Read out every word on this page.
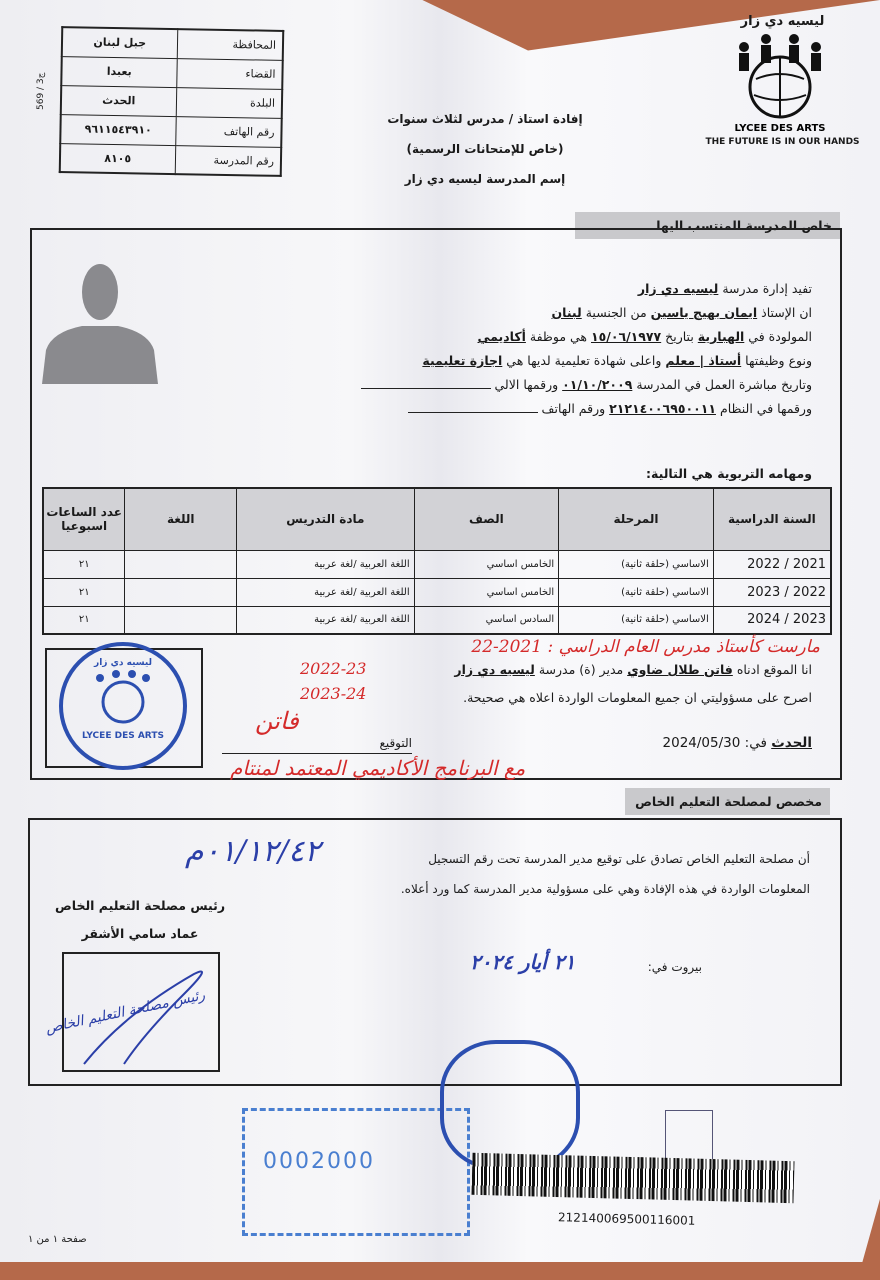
569 / ج3
جبل لبنان	المحافظة
بعبدا	القضاء
الحدث	البلدة
٩٦١١٥٤٣٩١٠	رقم الهاتف
٨١٠٥	رقم المدرسة
إفادة استاذ / مدرس لثلاث سنوات
(خاص للإمتحانات الرسمية)
إسم المدرسة ليسيه دي زار
ليسيه دي زار
LYCEE DES ARTS
THE FUTURE IS IN OUR HANDS
خاص المدرسة المنتسب اليها
تفيد إدارة مدرسة ليسيه دي زار
ان الإستاذ ايمان بهيج ياسين من الجنسية لبنان
المولودة في الهبارية بتاريخ ١٥/٠٦/١٩٧٧ هي موظفة أكاديمي
ونوع وظيفتها أستاذ | معلم واعلى شهادة تعليمية لديها هي اجازة تعليمية
وتاريخ مباشرة العمل في المدرسة ٠١/١٠/٢٠٠٩ ورقمها الالي
ورقمها في النظام ٢١٢١٤٠٠٦٩٥٠٠١١ ورقم الهاتف
ومهامه التربوية هي التالية:
السنة الدراسية	المرحلة	الصف	مادة التدريس	اللغة	عدد الساعات اسبوعيا
2021 / 2022	الاساسي (حلقة ثانية)	الخامس اساسي	اللغة العربية /لغة عربية		٢١
2022 / 2023	الاساسي (حلقة ثانية)	الخامس اساسي	اللغة العربية /لغة عربية		٢١
2023 / 2024	الاساسي (حلقة ثانية)	السادس اساسي	اللغة العربية /لغة عربية		٢١
مارست كأستاذ مدرس العام الدراسي : 2021-22
2022-23
2023-24
ليسيه دي زار
LYCEE DES ARTS
انا الموقع ادناه فاتن طلال ضاوي مدير (ة) مدرسة ليسيه دي زار
اصرح على مسؤوليتي ان جميع المعلومات الواردة اعلاه هي صحيحة.
الحدث في: 2024/05/30
التوقيع
فاتن
مع البرنامج الأكاديمي المعتمد لمنتام
مخصص لمصلحة التعليم الخاص
أن مصلحة التعليم الخاص تصادق على توقيع مدير المدرسة تحت رقم التسجيل
المعلومات الواردة في هذه الإفادة وهي على مسؤولية مدير المدرسة كما ورد أعلاه.
٠١/١٢/٤٢م
رئيس مصلحة التعليم الخاص
عماد سامي الأشقر
رئيس مصلحة التعليم الخاص
بيروت في:
٢١ أيار ٢٠٢٤
0002000
212140069500116001
صفحة ١ من ١
